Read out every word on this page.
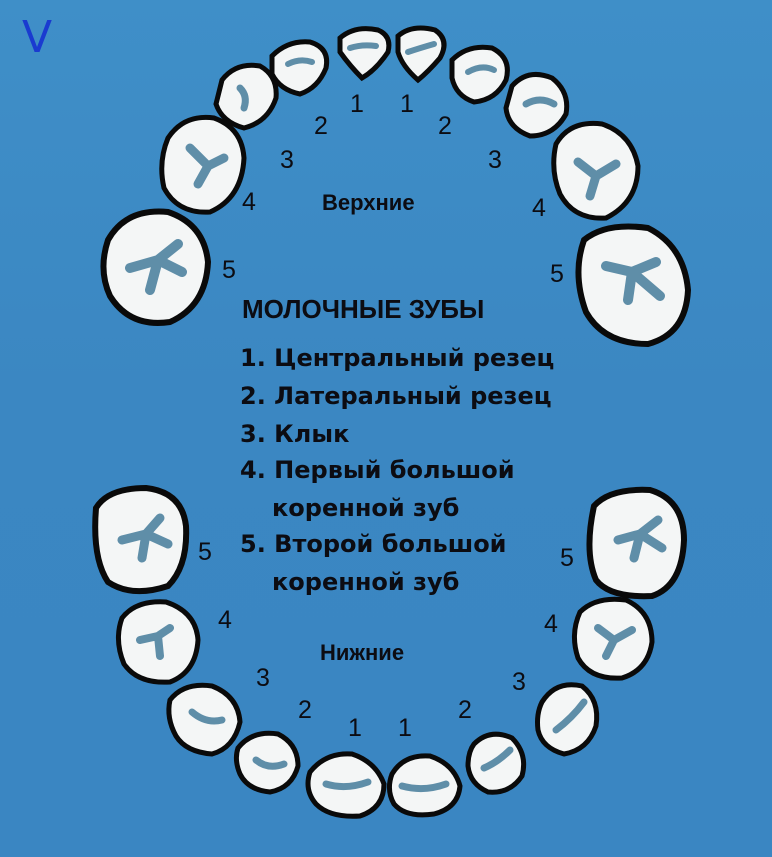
V
1 1
2	2
3	3
4	4
5	5
Верхние
МОЛОЧНЫЕ ЗУБЫ
1. Центральный резец
2. Латеральный резец
3. Клык
4. Первый большой
коренной зуб
5. Второй большой
коренной зуб
Нижние
5	5
4	4
3	3
2	2
1 1
